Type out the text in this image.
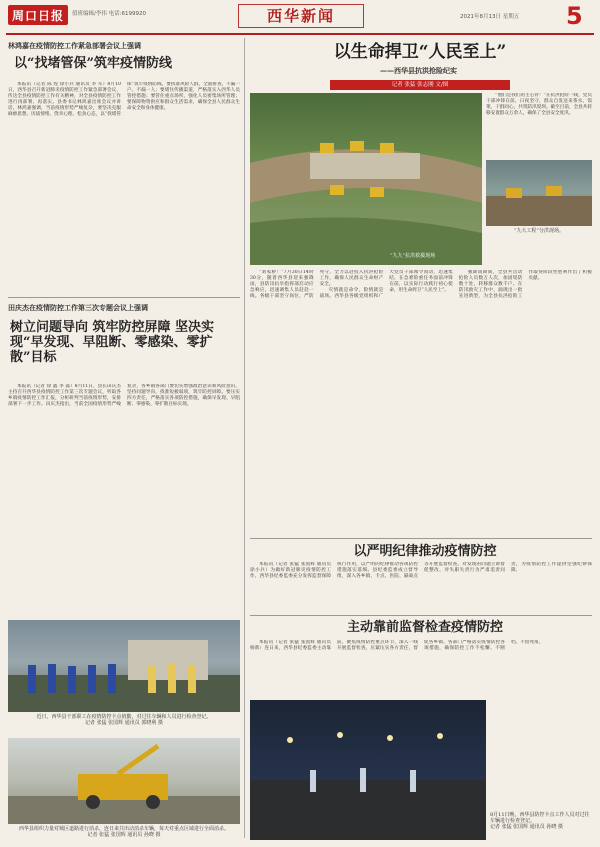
周口日报	值班编辑/李伟 电话:6199920	西华新闻	2021年8月13日 星期五 5
林鸿嘉在疫情防控工作紧急部署会议上强调
以“找堵管保”筑牢疫情防线

本报讯（记者 陈 煌 徐小兵 通讯员 李 军）8月10日，西华县召开新冠肺炎疫情防控工作紧急部署会议，传达全县疫情防控工作有关精神，对全县疫情防控工作进行再部署、再落实。县委书记林鸿嘉出席会议并讲话。林鸿嘉强调，当前疫情形势严峻复杂，要坚决克服麻痹思想、厌战情绪、侥幸心理、松劲心态，以“找堵管保”筑牢疫情防线。要找准风险人群，全面排查，不漏一户、不漏一人；要堵住传播渠道，严格落实入西华人员管控措施；要管住重点场所，强化人员密集场所管理；要保障物资供应和群众生活需求，确保全县人民群众生命安全和身体健康。

田庆杰在疫情防控工作第三次专题会议上强调
树立问题导向 筑牢防控屏障 坚决实现“早发现、早阻断、零感染、零扩散”目标

本报讯（记者 徐 鑫 李 淼）8月11日，县长田庆杰主持召开西华县疫情防控工作第三次专题会议，听取各乡镇疫情防控工作汇报，分析研判当前疫情形势，安排部署下一步工作。田庆杰指出，当前全国疫情形势严峻复杂，各乡镇各部门要切实增强政治意识和风险意识，坚持问题导向，找准短板弱项，筑牢防控屏障。要压实四方责任，严格落实各项防控措施，确保早发现、早阻断、零感染、零扩散目标实现。

近日，西华县干部职工在疫情防控卡点值勤，对过往车辆和人员进行检查登记。
记者 张猛 张国辉 通讯员 郭晓利 摄
西华县组织力量对城区道路进行消杀，连日来共出动消杀车辆，每天对重点区域进行全面消杀。
记者 张猛 张国辉 通讯员 孙晓 摄
以生命捍卫“人民至上”
——西华县抗洪抢险纪实
记者 张猛 张志刚 文/图
“九九”抗洪救援现场

“他们是我们的主心骨！”在抗洪抢险一线，党员干部冲锋在前，日夜坚守，群众自发送来茶水、饭菜，干群同心，共筑防汛堤坝。截至目前，全县共转移安置群众万余人，确保了全县安全度汛。

“九大工程”分洪现场。

“刘家桥！”7月30日14时30分，随着西华县迎来强降雨，县防汛抗旱指挥部启动应急响应，迅速调集人员赶赴一线。各级干部坚守岗位，严防死守，全力以赴投入抗洪抢险工作，确保人民群众生命财产安全。

灾情就是命令，险情就是战场。西华县各级党组织和广大党员干部闻令而动，迅速集结，在急难险重任务面前冲锋在前，以实际行动践行初心使命，用生命捍卫“人民至上”。

强降雨期间，全县共出动抢险人员数万人次，加固堤防数十处，转移群众数千户。在防汛救灾工作中，涌现出一批先进典型，为全县抗洪抢险工作取得阶段性胜利作出了积极贡献。

以严明纪律推动疫情防控

本报讯（记者 张猛 张国辉 通讯员 徐小兵）为做好新冠肺炎疫情防控工作，西华县纪委监委充分发挥监督保障执行作用，以严明的纪律推动各项防控措施落实落细。县纪委监委成立督导组，深入各乡镇、卡点、医院、隔离点等开展监督检查，对发现的问题立即督促整改，对失职失责行为严肃追责问责，为疫情防控工作提供坚强纪律保障。

主动靠前监督检查疫情防控

本报讯（记者 张猛 张国辉 通讯员 杨新）连日来，西华县纪委监委主动靠前，聚焦疫情防控重点环节，深入一线开展监督检查，压紧压实各方责任，督促各乡镇、各部门严格落实疫情防控各项措施，确保防控工作不松懈、不断档、不留死角。

8月11日晚，西华县防控卡点工作人员对过往车辆进行检查登记。
记者 张猛 张国辉 通讯员 孙晓 摄
